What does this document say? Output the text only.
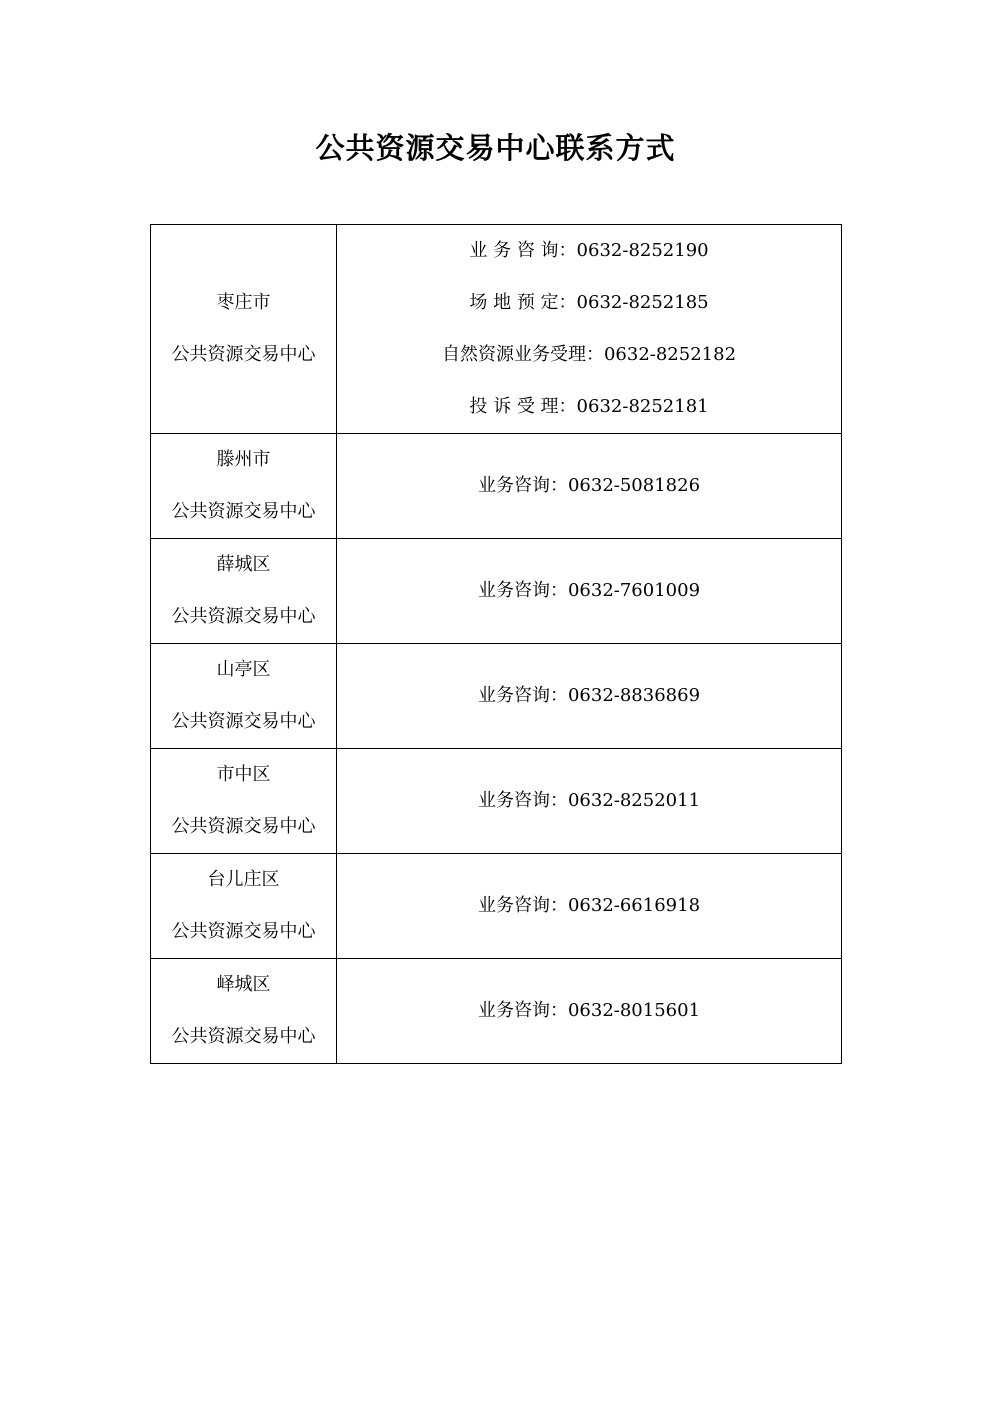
公共资源交易中心联系方式
枣庄市
公共资源交易中心	业 务 咨 询：0632-8252190
场 地 预 定：0632-8252185
自然资源业务受理：0632-8252182
投 诉 受 理：0632-8252181

滕州市
公共资源交易中心	业务咨询：0632-5081826

薛城区
公共资源交易中心	业务咨询：0632-7601009

山亭区
公共资源交易中心	业务咨询：0632-8836869

市中区
公共资源交易中心	业务咨询：0632-8252011

台儿庄区
公共资源交易中心	业务咨询：0632-6616918

峄城区
公共资源交易中心	业务咨询：0632-8015601
